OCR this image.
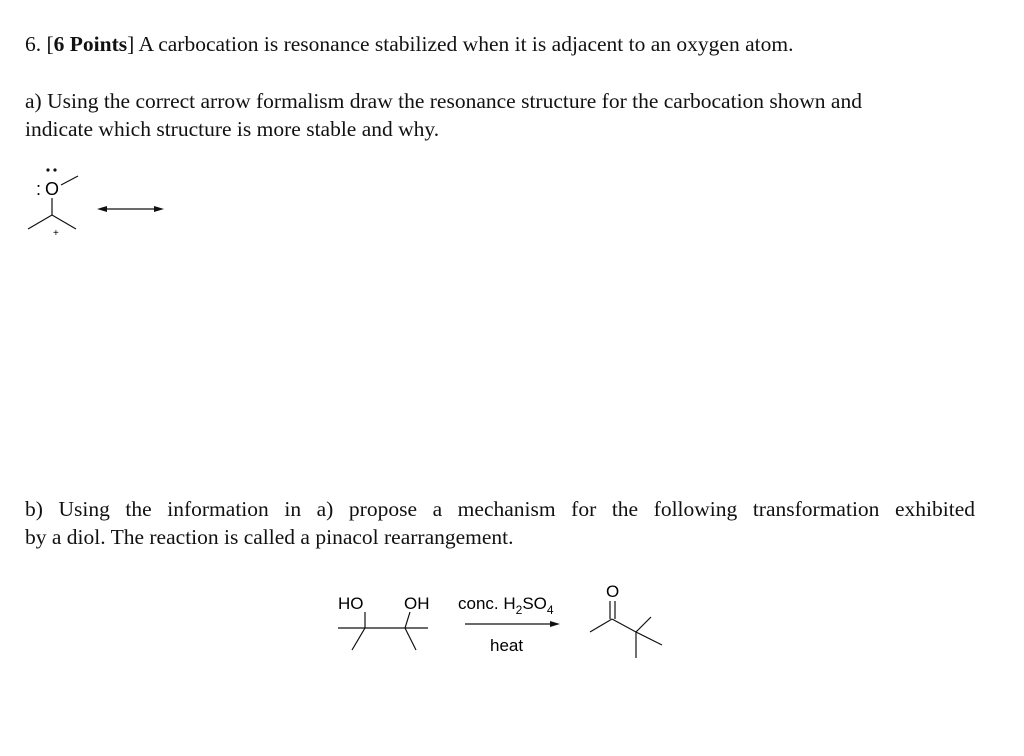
6. [6 Points] A carbocation is resonance stabilized when it is adjacent to an oxygen atom.
a) Using the correct arrow formalism draw the resonance structure for the carbocation shown and
indicate which structure is more stable and why.
: O
+
b) Using the information in a) propose a mechanism for the following transformation exhibited
by a diol. The reaction is called a pinacol rearrangement.
HO OH conc. $H_2SO_4$
heat
O
